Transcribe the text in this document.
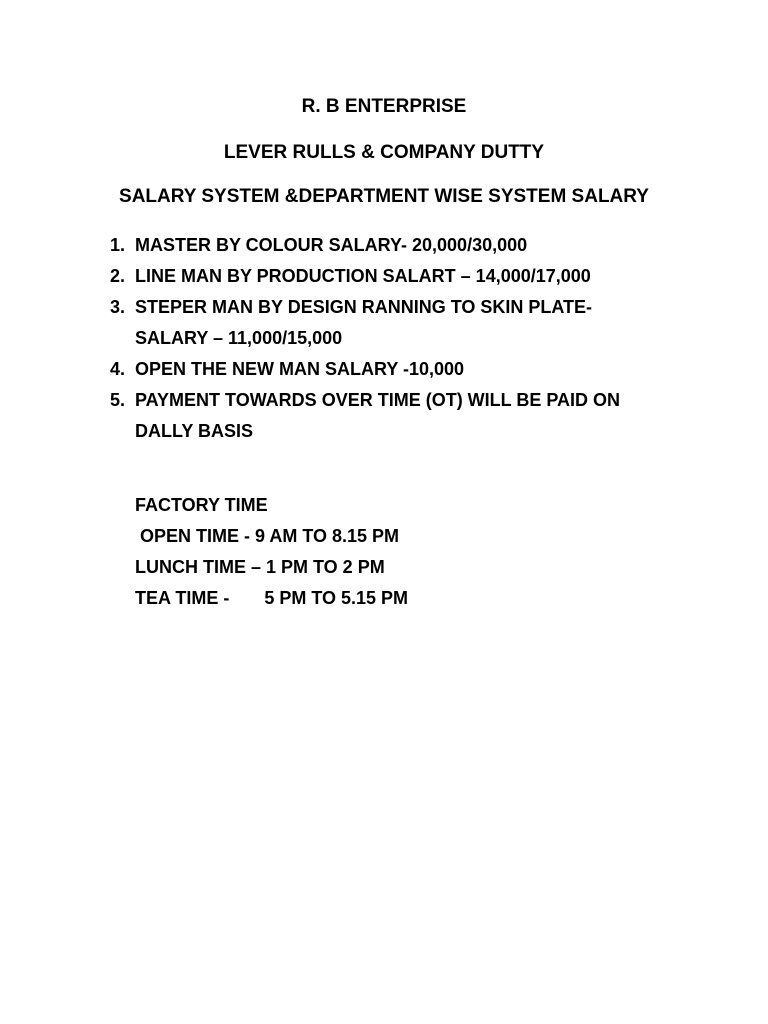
R. B ENTERPRISE
LEVER RULLS & COMPANY DUTTY
SALARY SYSTEM &DEPARTMENT WISE SYSTEM SALARY
1. MASTER BY COLOUR SALARY- 20,000/30,000
2. LINE MAN BY PRODUCTION SALART – 14,000/17,000
3. STEPER MAN BY DESIGN RANNING TO SKIN PLATE-
SALARY – 11,000/15,000
4. OPEN THE NEW MAN SALARY -10,000
5. PAYMENT TOWARDS OVER TIME (OT) WILL BE PAID ON
DALLY BASIS
FACTORY TIME
OPEN TIME - 9 AM TO 8.15 PM
LUNCH TIME – 1 PM TO 2 PM
TEA TIME -       5 PM TO 5.15 PM
